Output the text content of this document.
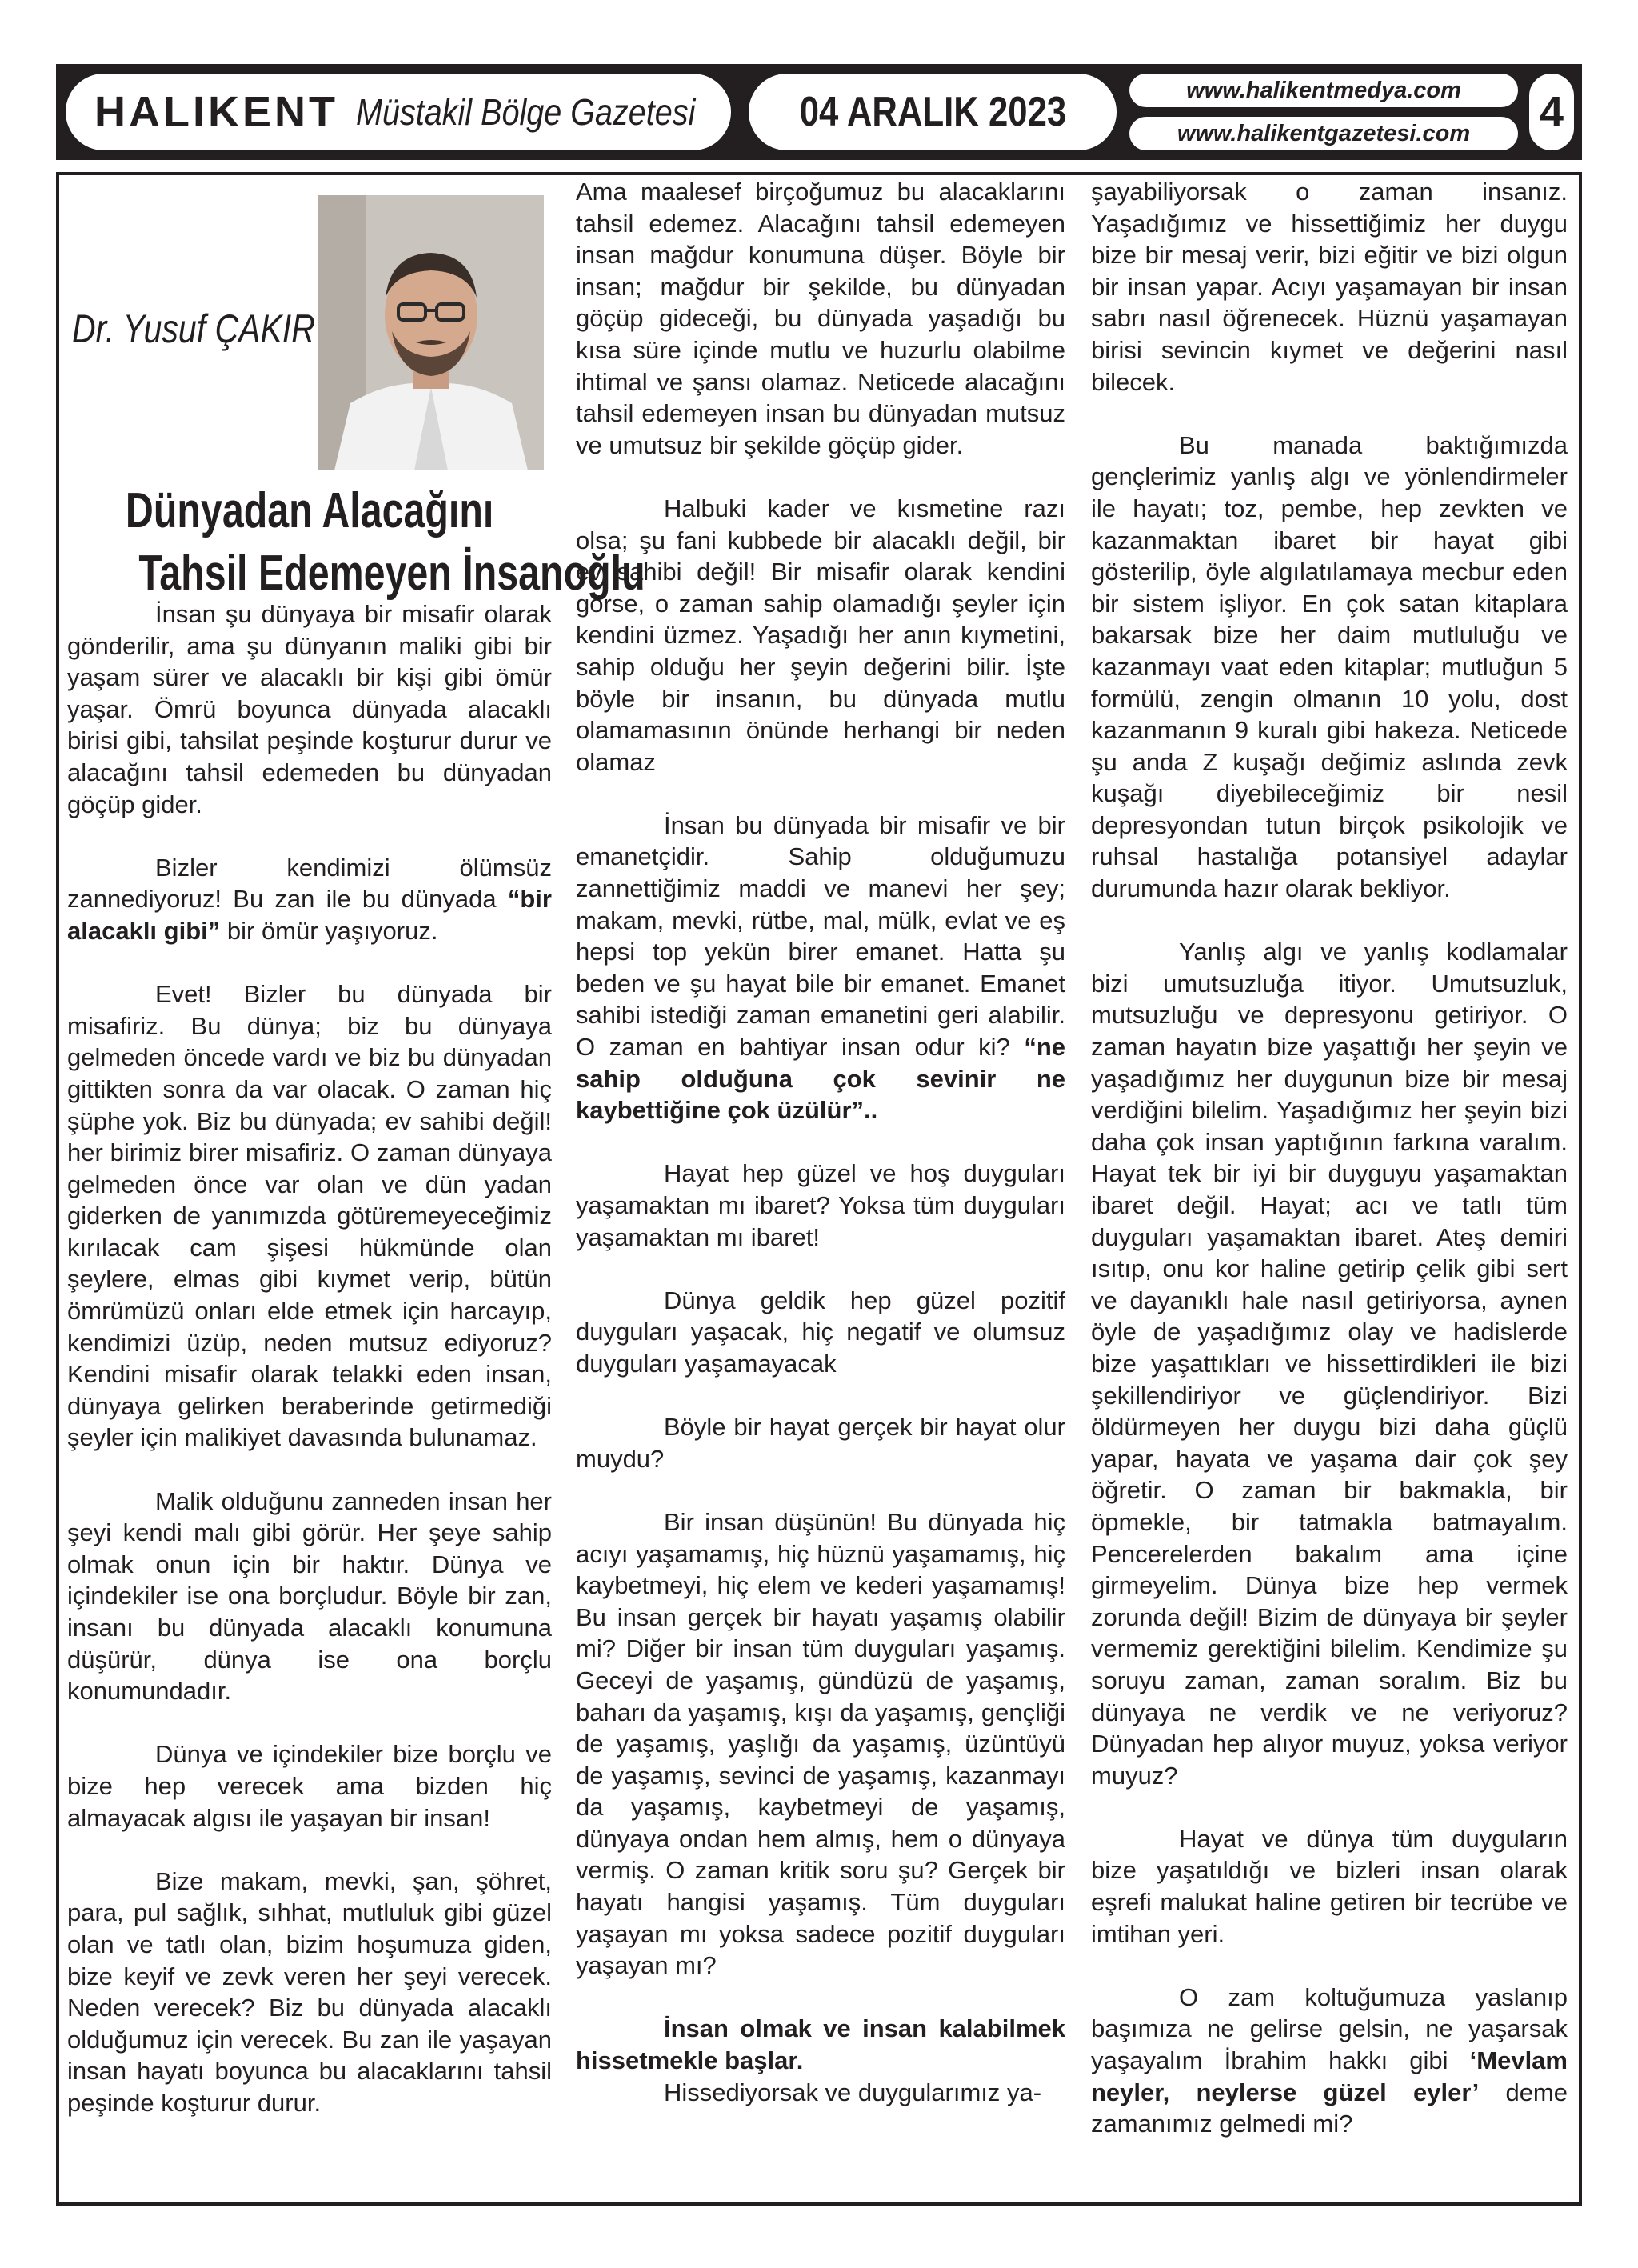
HALIKENT Müstakil Bölge Gazetesi 04 ARALIK 2023	www.halikentmedya.com
www.halikentgazetesi.com 4
Dr. Yusuf ÇAKIR
Dünyadan Alacağını
Tahsil Edemeyen İnsanoğlu

İnsan şu dünyaya bir misafir olarak gönderilir, ama şu dünyanın maliki gibi bir yaşam sürer ve alacaklı bir kişi gibi ömür yaşar. Ömrü boyunca dünyada alacaklı birisi gibi, tahsilat peşinde koşturur durur ve alacağını tahsil edemeden bu dünyadan göçüp gider.

Bizler kendimizi ölümsüz zannediyoruz! Bu zan ile bu dünyada “bir alacaklı gibi” bir ömür yaşıyoruz.

Evet! Bizler bu dünyada bir misafiriz. Bu dünya; biz bu dünyaya gelmeden öncede vardı ve biz bu dünyadan gittikten sonra da var olacak. O zaman hiç şüphe yok. Biz bu dünyada; ev sahibi değil! her birimiz birer misafiriz. O zaman dünyaya gelmeden önce var olan ve dün yadan giderken de yanımızda götüremeyeceğimiz kırılacak cam şişesi hükmünde olan şeylere, elmas gibi kıymet verip, bütün ömrümüzü onları elde etmek için harcayıp, kendimizi üzüp, neden mutsuz ediyoruz? Kendini misafir olarak telakki eden insan, dünyaya gelirken beraberinde getirmediği şeyler için malikiyet davasında bulunamaz.

Malik olduğunu zanneden insan her şeyi kendi malı gibi görür. Her şeye sahip olmak onun için bir haktır. Dünya ve içindekiler ise ona borçludur. Böyle bir zan, insanı bu dünyada alacaklı konumuna düşürür, dünya ise ona borçlu konumundadır.

Dünya ve içindekiler bize borçlu ve bize hep verecek ama bizden hiç almayacak algısı ile yaşayan bir insan!

Bize makam, mevki, şan, şöhret, para, pul sağlık, sıhhat, mutluluk gibi güzel olan ve tatlı olan, bizim hoşumuza giden, bize keyif ve zevk veren her şeyi verecek. Neden verecek? Biz bu dünyada alacaklı olduğumuz için verecek. Bu zan ile yaşayan insan hayatı boyunca bu alacaklarını tahsil peşinde koşturur durur.

Ama maalesef birçoğumuz bu alacaklarını tahsil edemez. Alacağını tahsil edemeyen insan mağdur konumuna düşer. Böyle bir insan; mağdur bir şekilde, bu dünyadan göçüp gideceği, bu dünyada yaşadığı bu kısa süre içinde mutlu ve huzurlu olabilme ihtimal ve şansı olamaz. Neticede alacağını tahsil edemeyen insan bu dünyadan mutsuz ve umutsuz bir şekilde göçüp gider.

Halbuki kader ve kısmetine razı olsa; şu fani kubbede bir alacaklı değil, bir ev sahibi değil! Bir misafir olarak kendini görse, o zaman sahip olamadığı şeyler için kendini üzmez. Yaşadığı her anın kıymetini, sahip olduğu her şeyin değerini bilir. İşte böyle bir insanın, bu dünyada mutlu olamamasının önünde herhangi bir neden olamaz

İnsan bu dünyada bir misafir ve bir emanetçidir. Sahip olduğumuzu zannettiğimiz maddi ve manevi her şey; makam, mevki, rütbe, mal, mülk, evlat ve eş hepsi top yekün birer emanet. Hatta şu beden ve şu hayat bile bir emanet. Emanet sahibi istediği zaman emanetini geri alabilir. O zaman en bahtiyar insan odur ki? “ne sahip olduğuna çok sevinir ne kaybettiğine çok üzülür”..

Hayat hep güzel ve hoş duyguları yaşamaktan mı ibaret? Yoksa tüm duyguları yaşamaktan mı ibaret!

Dünya geldik hep güzel pozitif duyguları yaşacak, hiç negatif ve olumsuz duyguları yaşamayacak

Böyle bir hayat gerçek bir hayat olur muydu?

Bir insan düşünün! Bu dünyada hiç acıyı yaşamamış, hiç hüznü yaşamamış, hiç kaybetmeyi, hiç elem ve kederi yaşamamış! Bu insan gerçek bir hayatı yaşamış olabilir mi? Diğer bir insan tüm duyguları yaşamış. Geceyi de yaşamış, gündüzü de yaşamış, baharı da yaşamış, kışı da yaşamış, gençliği de yaşamış, yaşlığı da yaşamış, üzüntüyü de yaşamış, sevinci de yaşamış, kazanmayı da yaşamış, kaybetmeyi de yaşamış, dünyaya ondan hem almış, hem o dünyaya vermiş. O zaman kritik soru şu? Gerçek bir hayatı hangisi yaşamış. Tüm duyguları yaşayan mı yoksa sadece pozitif duyguları yaşayan mı?

İnsan olmak ve insan kalabilmek hissetmekle başlar.

Hissediyorsak ve duygularımız ya-

şayabiliyorsak o zaman insanız. Yaşadığımız ve hissettiğimiz her duygu bize bir mesaj verir, bizi eğitir ve bizi olgun bir insan yapar. Acıyı yaşamayan bir insan sabrı nasıl öğrenecek. Hüznü yaşamayan birisi sevincin kıymet ve değerini nasıl bilecek.

Bu manada baktığımızda gençlerimiz yanlış algı ve yönlendirmeler ile hayatı; toz, pembe, hep zevkten ve kazanmaktan ibaret bir hayat gibi gösterilip, öyle algılatılamaya mecbur eden bir sistem işliyor. En çok satan kitaplara bakarsak bize her daim mutluluğu ve kazanmayı vaat eden kitaplar; mutluğun 5 formülü, zengin olmanın 10 yolu, dost kazanmanın 9 kuralı gibi hakeza. Neticede şu anda Z kuşağı değimiz aslında zevk kuşağı diyebileceğimiz bir nesil depresyondan tutun birçok psikolojik ve ruhsal hastalığa potansiyel adaylar durumunda hazır olarak bekliyor.

Yanlış algı ve yanlış kodlamalar bizi umutsuzluğa itiyor. Umutsuzluk, mutsuzluğu ve depresyonu getiriyor. O zaman hayatın bize yaşattığı her şeyin ve yaşadığımız her duygunun bize bir mesaj verdiğini bilelim. Yaşadığımız her şeyin bizi daha çok insan yaptığının farkına varalım. Hayat tek bir iyi bir duyguyu yaşamaktan ibaret değil. Hayat; acı ve tatlı tüm duyguları yaşamaktan ibaret. Ateş demiri ısıtıp, onu kor haline getirip çelik gibi sert ve dayanıklı hale nasıl getiriyorsa, aynen öyle de yaşadığımız olay ve hadislerde bize yaşattıkları ve hissettirdikleri ile bizi şekillendiriyor ve güçlendiriyor. Bizi öldürmeyen her duygu bizi daha güçlü yapar, hayata ve yaşama dair çok şey öğretir. O zaman bir bakmakla, bir öpmekle, bir tatmakla batmayalım. Pencerelerden bakalım ama içine girmeyelim. Dünya bize hep vermek zorunda değil! Bizim de dünyaya bir şeyler vermemiz gerektiğini bilelim. Kendimize şu soruyu zaman, zaman soralım. Biz bu dünyaya ne verdik ve ne veriyoruz? Dünyadan hep alıyor muyuz, yoksa veriyor muyuz?

Hayat ve dünya tüm duyguların bize yaşatıldığı ve bizleri insan olarak eşrefi malukat haline getiren bir tecrübe ve imtihan yeri.

O zam koltuğumuza yaslanıp başımıza ne gelirse gelsin, ne yaşarsak yaşayalım İbrahim hakkı gibi ‘Mevlam neyler, neylerse güzel eyler’ deme zamanımız gelmedi mi?
